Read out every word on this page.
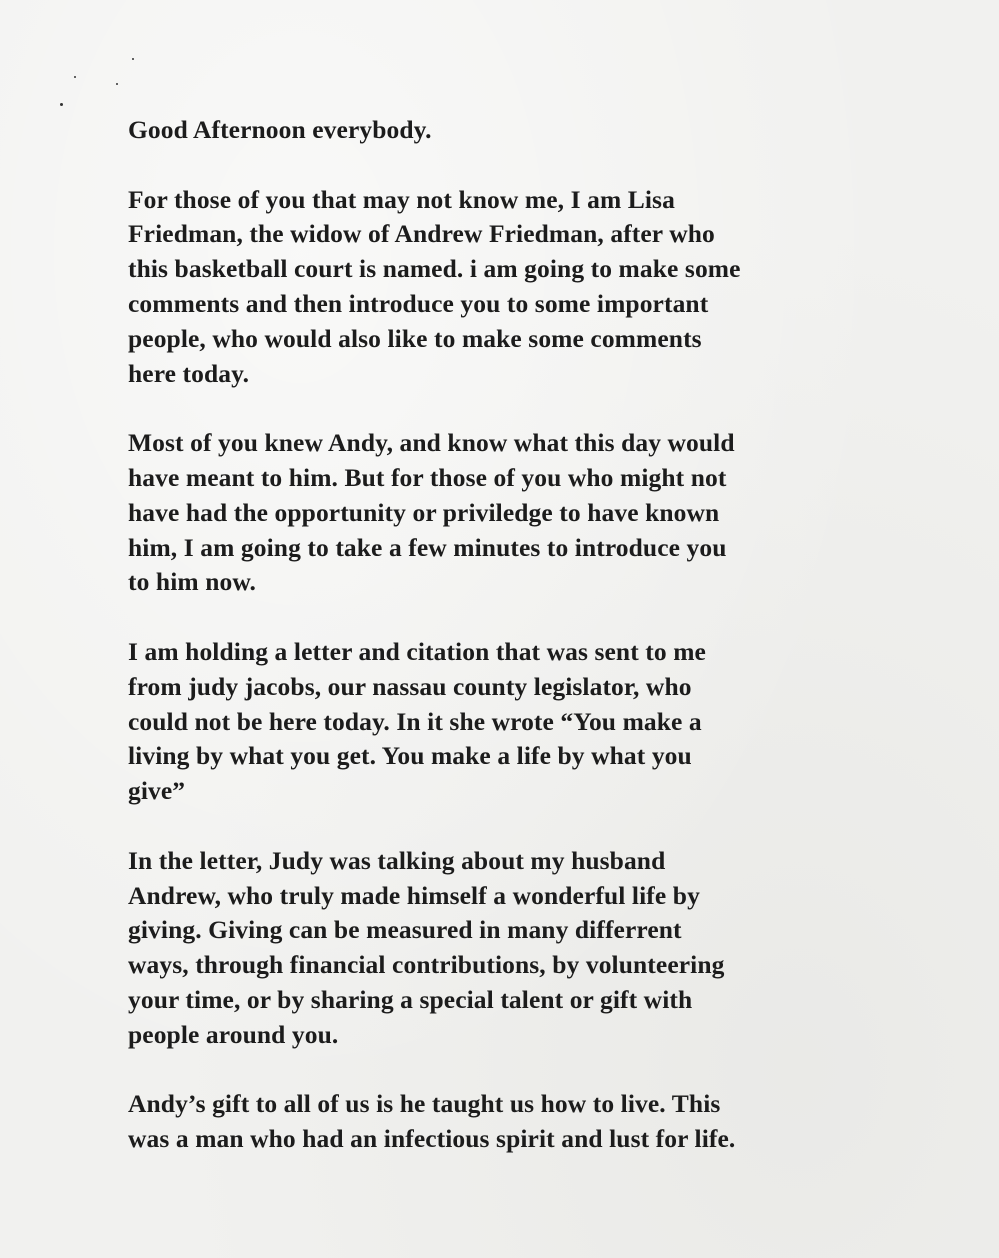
Good Afternoon everybody.

For those of you that may not know me, I am Lisa
Friedman, the widow of Andrew Friedman, after who
this basketball court is named. i am going to make some
comments and then introduce you to some important
people, who would also like to make some comments
here today.

Most of you knew Andy, and know what this day would
have meant to him. But for those of you who might not
have had the opportunity or priviledge to have known
him, I am going to take a few minutes to introduce you
to him now.

I am holding a letter and citation that was sent to me
from judy jacobs, our nassau county legislator, who
could not be here today. In it she wrote “You make a
living by what you get. You make a life by what you
give”

In the letter, Judy was talking about my husband
Andrew, who truly made himself a wonderful life by
giving. Giving can be measured in many differrent
ways, through financial contributions, by volunteering
your time, or by sharing a special talent or gift with
people around you.

Andy’s gift to all of us is he taught us how to live. This
was a man who had an infectious spirit and lust for life.
